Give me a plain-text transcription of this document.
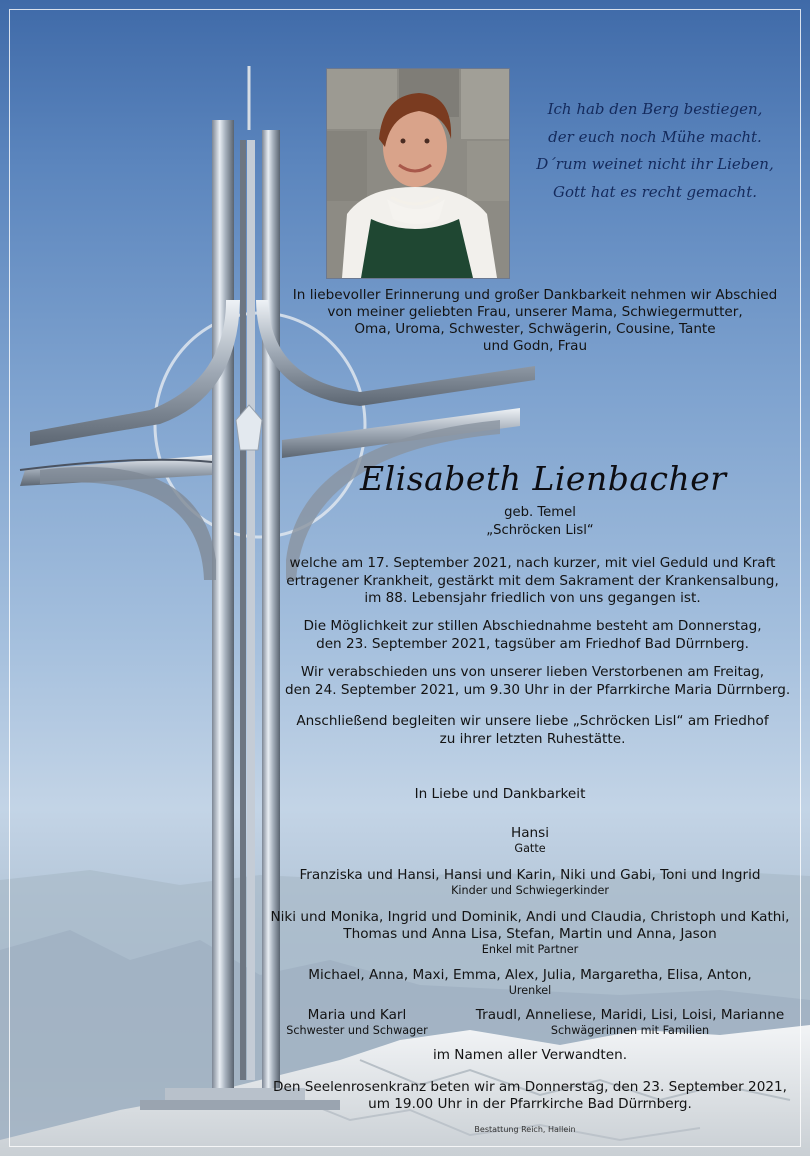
Ich hab den Berg bestiegen,
der euch noch Mühe macht.
D´rum weinet nicht ihr Lieben,
Gott hat es recht gemacht.
In liebevoller Erinnerung und großer Dankbarkeit nehmen wir Abschied
von meiner geliebten Frau, unserer Mama, Schwiegermutter,
Oma, Uroma, Schwester, Schwägerin, Cousine, Tante
und Godn, Frau
Elisabeth Lienbacher
geb. Temel
„Schröcken Lisl“
welche am 17. September 2021, nach kurzer, mit viel Geduld und Kraft
ertragener Krankheit, gestärkt mit dem Sakrament der Krankensalbung,
im 88. Lebensjahr friedlich von uns gegangen ist.
Die Möglichkeit zur stillen Abschiednahme besteht am Donnerstag,
den 23. September 2021, tagsüber am Friedhof Bad Dürrnberg.
Wir verabschieden uns von unserer lieben Verstorbenen am Freitag,
den 24. September 2021, um 9.30 Uhr in der Pfarrkirche Maria Dürrnberg.
Anschließend begleiten wir unsere liebe „Schröcken Lisl“ am Friedhof
zu ihrer letzten Ruhestätte.
In Liebe und Dankbarkeit
Hansi
Gatte
Franziska und Hansi, Hansi und Karin, Niki und Gabi, Toni und Ingrid
Kinder und Schwiegerkinder
Niki und Monika, Ingrid und Dominik, Andi und Claudia, Christoph und Kathi,
Thomas und Anna Lisa, Stefan, Martin und Anna, Jason
Enkel mit Partner
Michael, Anna, Maxi, Emma, Alex, Julia, Margaretha, Elisa, Anton,
Urenkel
Maria und Karl
Schwester und Schwager
Traudl, Anneliese, Maridi, Lisi, Loisi, Marianne
Schwägerinnen mit Familien
im Namen aller Verwandten.
Den Seelenrosenkranz beten wir am Donnerstag, den 23. September 2021,
um 19.00 Uhr in der Pfarrkirche Bad Dürrnberg.
Bestattung Reich, Hallein
